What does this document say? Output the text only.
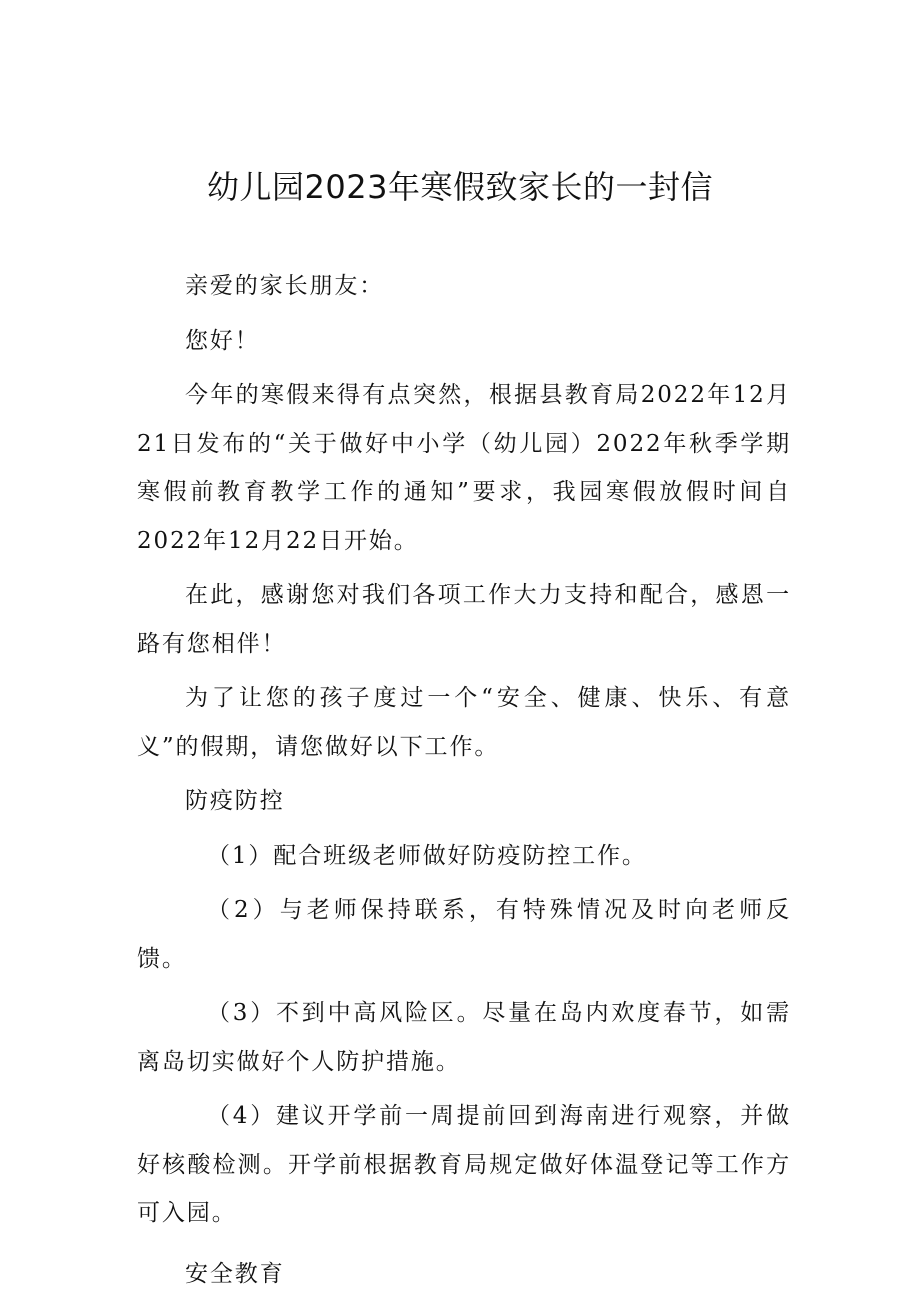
幼儿园2023年寒假致家长的一封信

亲爱的家长朋友：

您好！

今年的寒假来得有点突然，根据县教育局2022年12月21日发布的“关于做好中小学（幼儿园）2022年秋季学期寒假前教育教学工作的通知”要求，我园寒假放假时间自2022年12月22日开始。

在此，感谢您对我们各项工作大力支持和配合，感恩一路有您相伴！

为了让您的孩子度过一个“安全、健康、快乐、有意义”的假期，请您做好以下工作。

防疫防控

（1）配合班级老师做好防疫防控工作。

（2）与老师保持联系，有特殊情况及时向老师反馈。

（3）不到中高风险区。尽量在岛内欢度春节，如需离岛切实做好个人防护措施。

（4）建议开学前一周提前回到海南进行观察，并做好核酸检测。开学前根据教育局规定做好体温登记等工作方可入园。

安全教育
